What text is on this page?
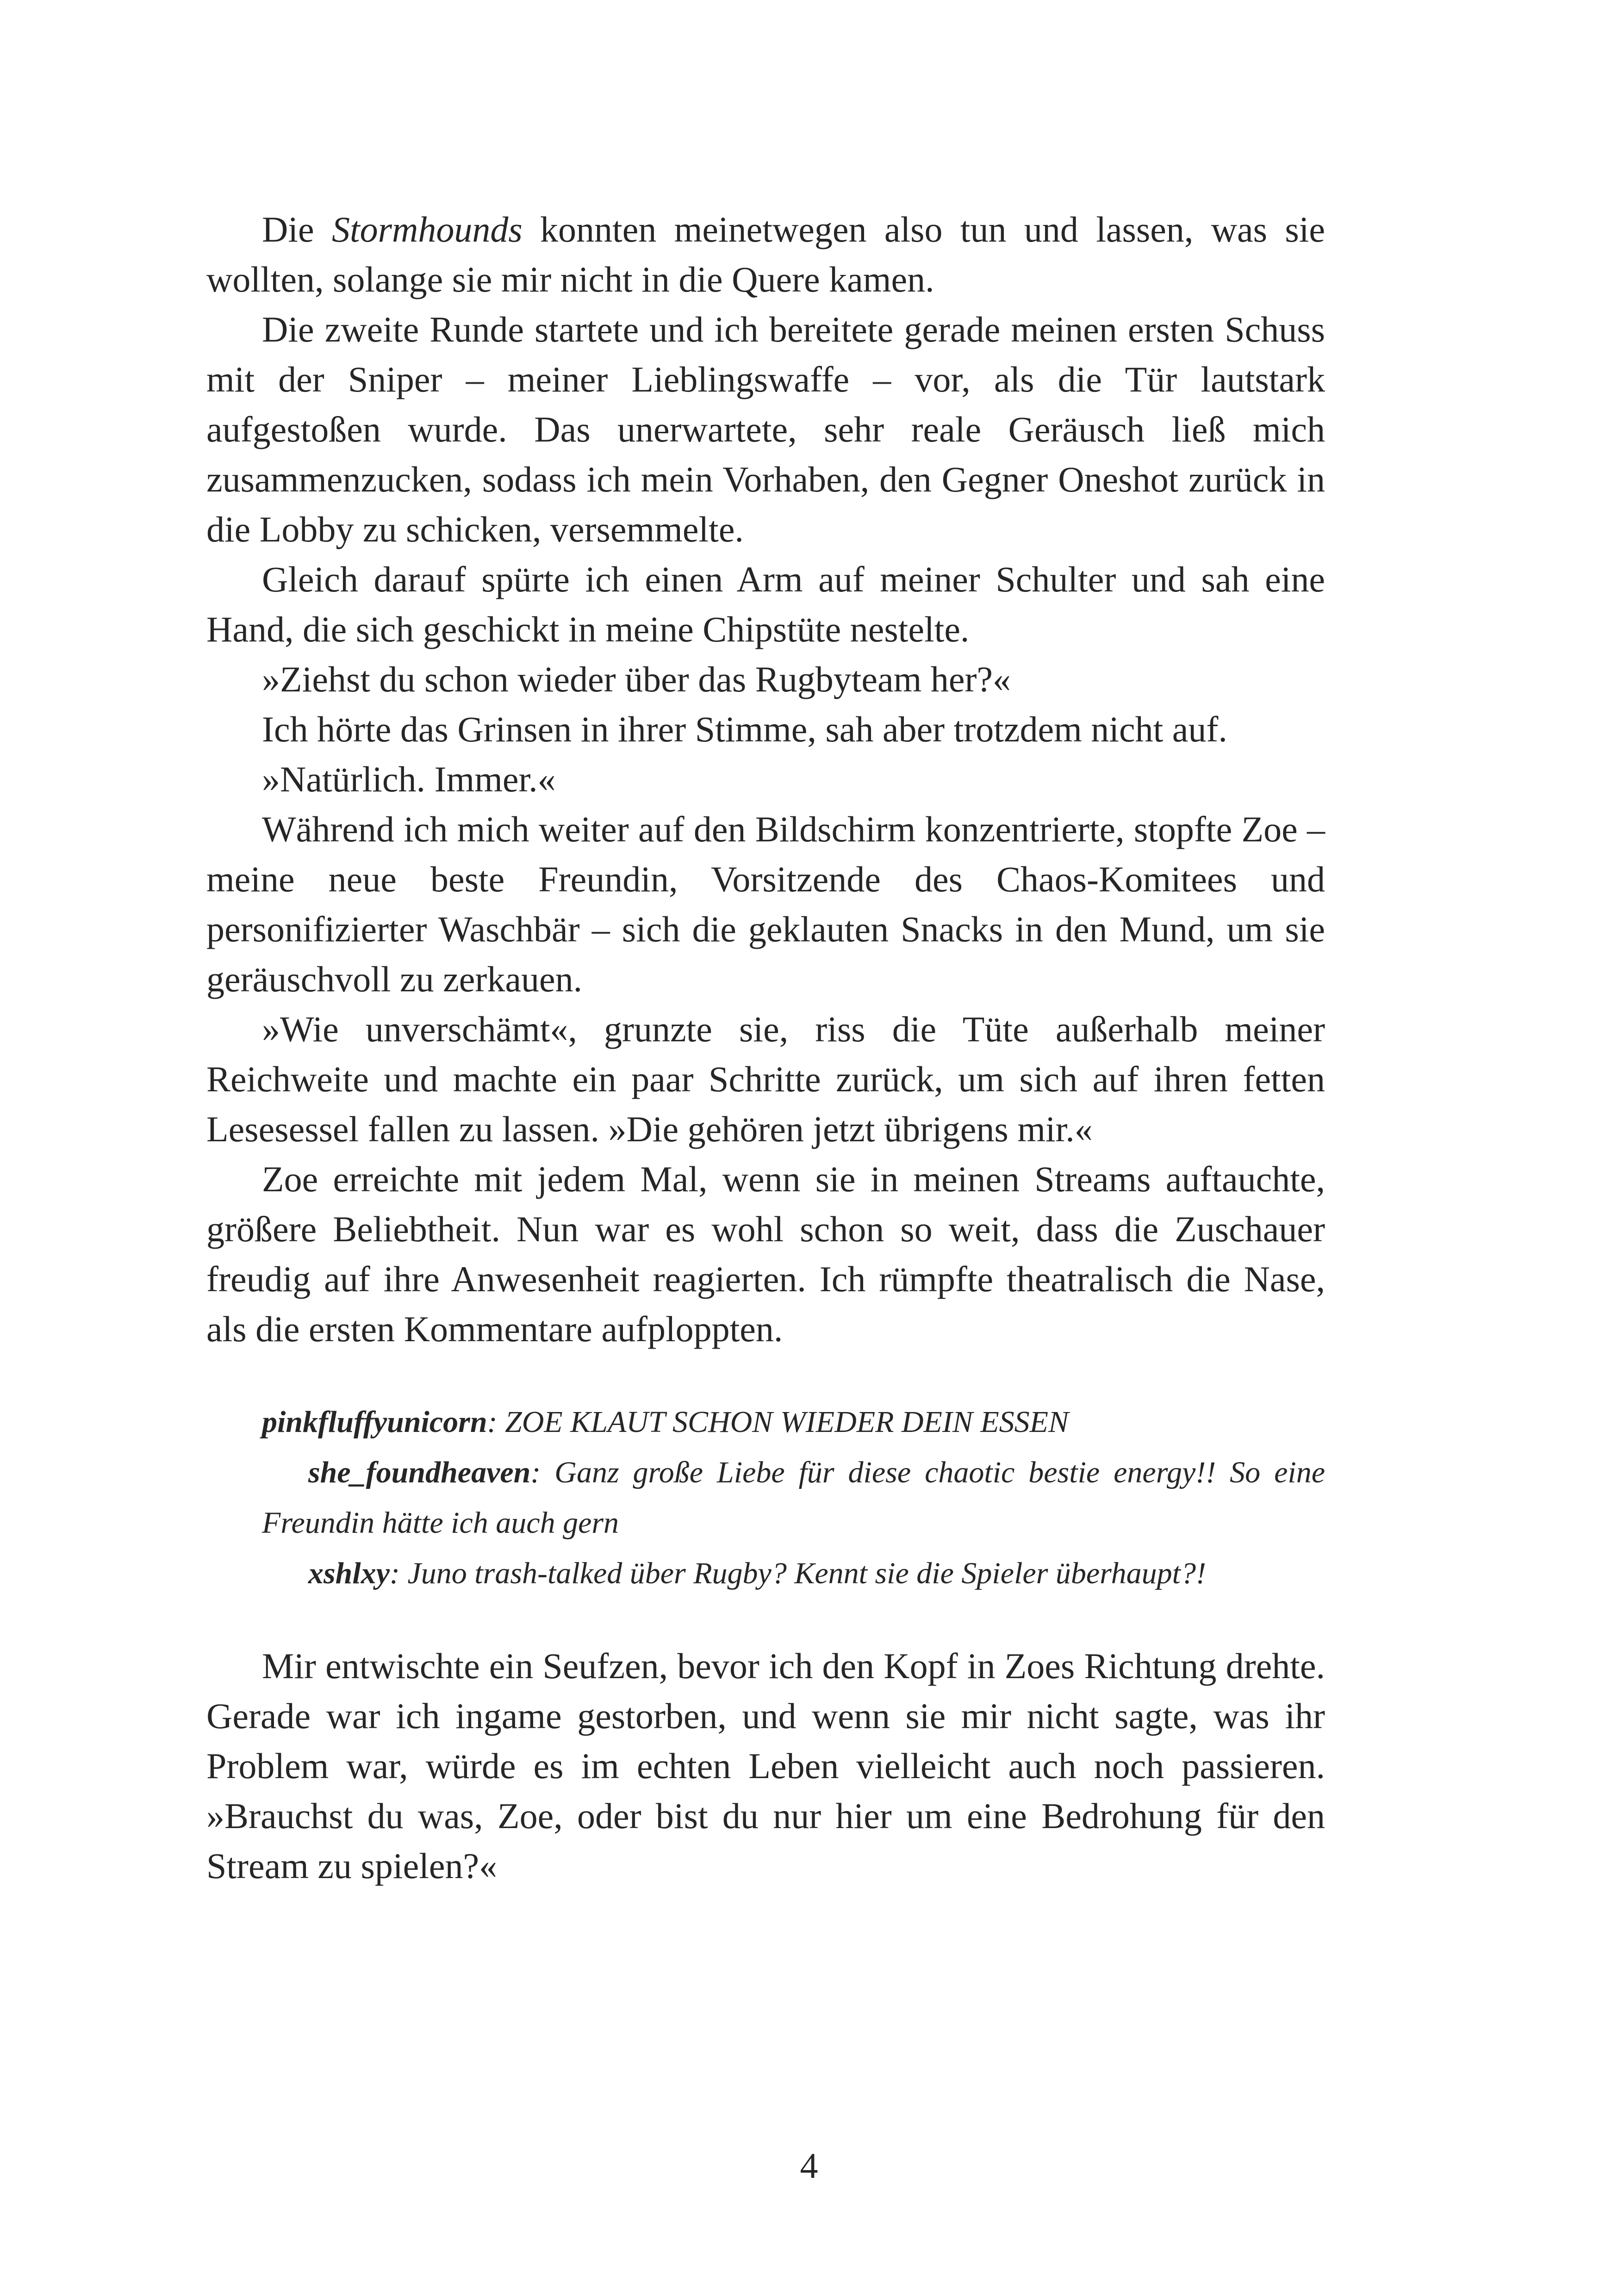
Die Stormhounds konnten meinetwegen also tun und lassen, was sie wollten, solange sie mir nicht in die Quere kamen.

Die zweite Runde startete und ich bereitete gerade meinen ersten Schuss mit der Sniper – meiner Lieblingswaffe – vor, als die Tür lautstark aufgestoßen wurde. Das unerwartete, sehr reale Geräusch ließ mich zusammenzucken, sodass ich mein Vorhaben, den Gegner Oneshot zurück in die Lobby zu schicken, versemmelte.

Gleich darauf spürte ich einen Arm auf meiner Schulter und sah eine Hand, die sich geschickt in meine Chipstüte nestelte.

»Ziehst du schon wieder über das Rugbyteam her?«

Ich hörte das Grinsen in ihrer Stimme, sah aber trotzdem nicht auf.

»Natürlich. Immer.«

Während ich mich weiter auf den Bildschirm konzentrierte, stopfte Zoe – meine neue beste Freundin, Vorsitzende des Chaos-Komitees und personifizierter Waschbär – sich die geklauten Snacks in den Mund, um sie geräuschvoll zu zerkauen.

»Wie unverschämt«, grunzte sie, riss die Tüte außerhalb meiner Reichweite und machte ein paar Schritte zurück, um sich auf ihren fetten Lesesessel fallen zu lassen. »Die gehören jetzt übrigens mir.«

Zoe erreichte mit jedem Mal, wenn sie in meinen Streams auftauchte, größere Beliebtheit. Nun war es wohl schon so weit, dass die Zuschauer freudig auf ihre Anwesenheit reagierten. Ich rümpfte theatralisch die Nase, als die ersten Kommentare aufploppten.

pinkfluffyunicorn: ZOE KLAUT SCHON WIEDER DEIN ESSEN

she_foundheaven: Ganz große Liebe für diese chaotic bestie energy!! So eine Freundin hätte ich auch gern

xshlxy: Juno trash-talked über Rugby? Kennt sie die Spieler überhaupt?!

Mir entwischte ein Seufzen, bevor ich den Kopf in Zoes Richtung drehte. Gerade war ich ingame gestorben, und wenn sie mir nicht sagte, was ihr Problem war, würde es im echten Leben vielleicht auch noch passieren. »Brauchst du was, Zoe, oder bist du nur hier um eine Bedrohung für den Stream zu spielen?«

4
